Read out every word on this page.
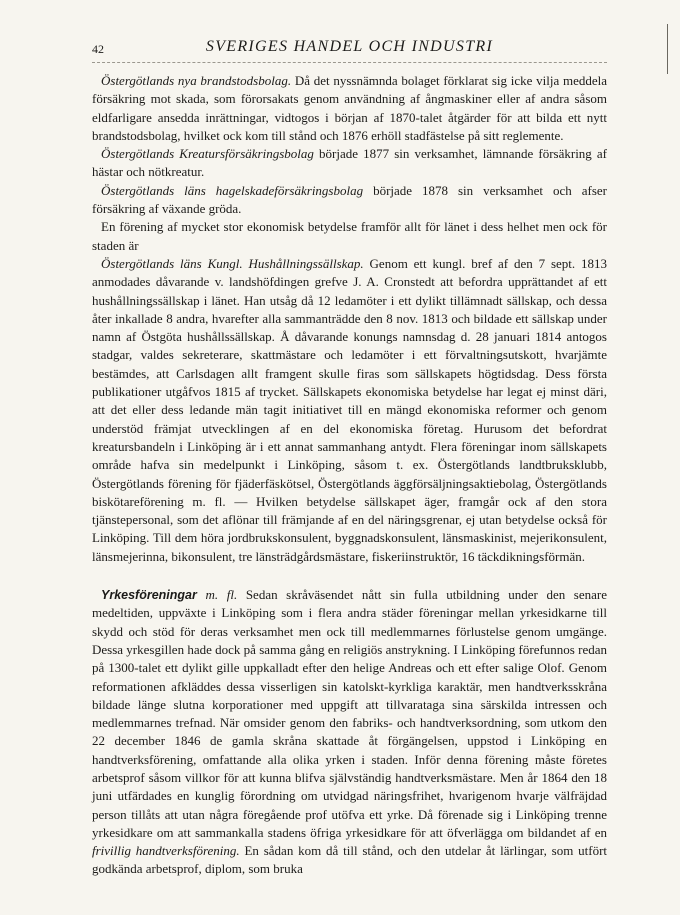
42	SVERIGES HANDEL OCH INDUSTRI

Östergötlands nya brandstodsbolag. Då det nyssnämnda bolaget förklarat sig icke vilja meddela försäkring mot skada, som förorsakats genom användning af ångmaskiner eller af andra såsom eldfarligare ansedda inrättningar, vidtogos i början af 1870-talet åtgärder för att bilda ett nytt brandstodsbolag, hvilket ock kom till stånd och 1876 erhöll stadfästelse på sitt reglemente.

Östergötlands Kreatursförsäkringsbolag började 1877 sin verksamhet, lämnande försäkring af hästar och nötkreatur.

Östergötlands läns hagelskadeförsäkringsbolag började 1878 sin verksamhet och afser försäkring af växande gröda.

En förening af mycket stor ekonomisk betydelse framför allt för länet i dess helhet men ock för staden är

Östergötlands läns Kungl. Hushållningssällskap. Genom ett kungl. bref af den 7 sept. 1813 anmodades dåvarande v. landshöfdingen grefve J. A. Cronstedt att befordra upprättandet af ett hushållningssällskap i länet. Han utsåg då 12 ledamöter i ett dylikt tillämnadt sällskap, och dessa åter inkallade 8 andra, hvarefter alla sammanträdde den 8 nov. 1813 och bildade ett sällskap under namn af Östgöta hushållssällskap. Å dåvarande konungs namnsdag d. 28 januari 1814 antogos stadgar, valdes sekreterare, skattmästare och ledamöter i ett förvaltningsutskott, hvarjämte bestämdes, att Carlsdagen allt framgent skulle firas som sällskapets högtidsdag. Dess första publikationer utgåfvos 1815 af trycket. Sällskapets ekonomiska betydelse har legat ej minst däri, att det eller dess ledande män tagit initiativet till en mängd ekonomiska reformer och genom understöd främjat utvecklingen af en del ekonomiska företag. Hurusom det befordrat kreatursbandeln i Linköping är i ett annat sammanhang antydt. Flera föreningar inom sällskapets område hafva sin medelpunkt i Linköping, såsom t. ex. Östergötlands landtbruksklubb, Östergötlands förening för fjäderfäskötsel, Östergötlands äggförsäljningsaktiebolag, Östergötlands biskötareförening m. fl. — Hvilken betydelse sällskapet äger, framgår ock af den stora tjänstepersonal, som det aflönar till främjande af en del näringsgrenar, ej utan betydelse också för Linköping. Till dem höra jordbrukskonsulent, byggnadskonsulent, länsmaskinist, mejerikonsulent, länsmejerinna, bikonsulent, tre länsträdgårdsmästare, fiskeriinstruktör, 16 täckdikningsförmän.

Yrkesföreningar m. fl. Sedan skråväsendet nått sin fulla utbildning under den senare medeltiden, uppväxte i Linköping som i flera andra städer föreningar mellan yrkesidkarne till skydd och stöd för deras verksamhet men ock till medlemmarnes förlustelse genom umgänge. Dessa yrkesgillen hade dock på samma gång en religiös anstrykning. I Linköping förefunnos redan på 1300-talet ett dylikt gille uppkalladt efter den helige Andreas och ett efter salige Olof. Genom reformationen afkläddes dessa visserligen sin katolskt-kyrkliga karaktär, men handtverksskråna bildade länge slutna korporationer med uppgift att tillvarataga sina särskilda intressen och medlemmarnes trefnad. När omsider genom den fabriks- och handtverksordning, som utkom den 22 december 1846 de gamla skråna skattade åt förgängelsen, uppstod i Linköping en handtverksförening, omfattande alla olika yrken i staden. Inför denna förening måste företes arbetsprof såsom villkor för att kunna blifva självständig handtverksmästare. Men år 1864 den 18 juni utfärdades en kunglig förordning om utvidgad näringsfrihet, hvarigenom hvarje välfräjdad person tillåts att utan några föregående prof utöfva ett yrke. Då förenade sig i Linköping trenne yrkesidkare om att sammankalla stadens öfriga yrkesidkare för att öfverlägga om bildandet af en frivillig handtverksförening. En sådan kom då till stånd, och den utdelar åt lärlingar, som utfört godkända arbetsprof, diplom, som bruka
